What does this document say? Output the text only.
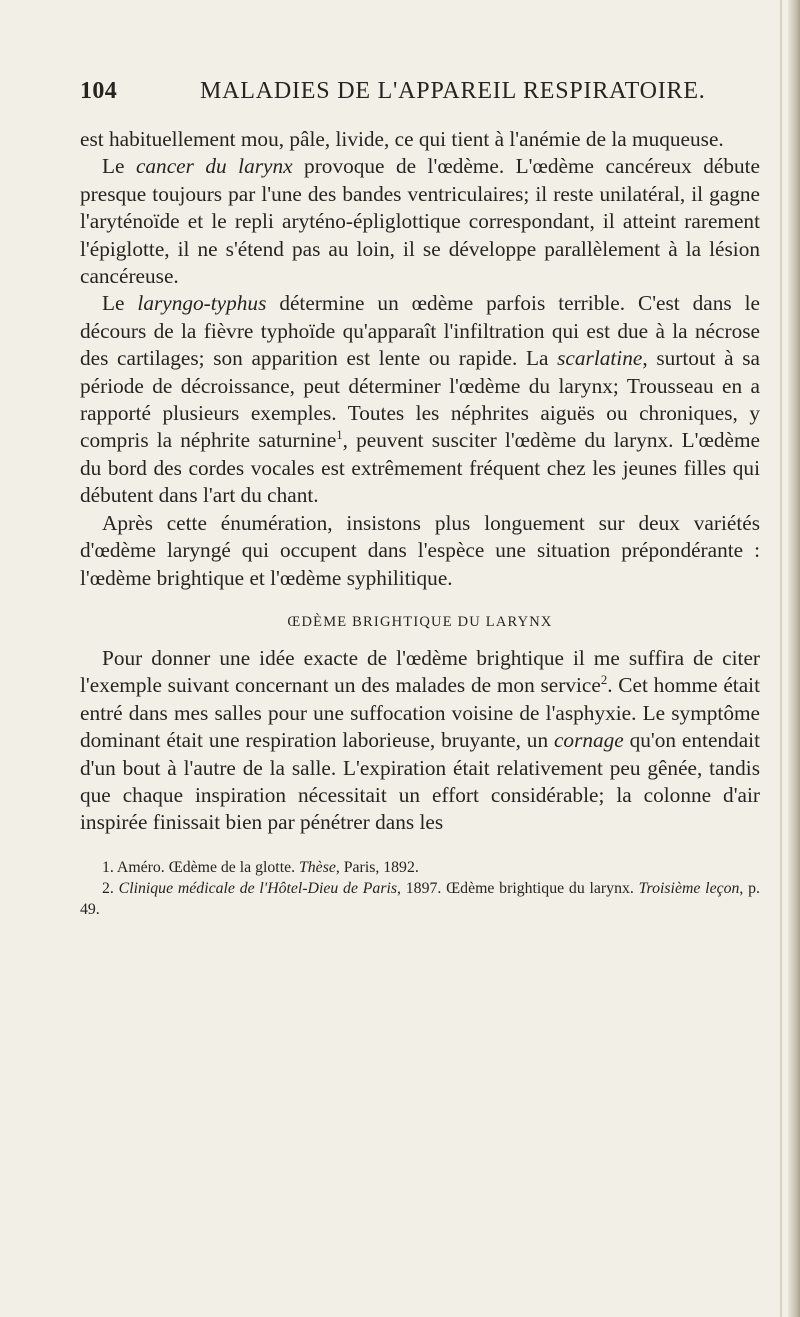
104	MALADIES DE L'APPAREIL RESPIRATOIRE.

est habituellement mou, pâle, livide, ce qui tient à l'anémie de la muqueuse.

Le cancer du larynx provoque de l'œdème. L'œdème cancéreux débute presque toujours par l'une des bandes ventriculaires; il reste unilatéral, il gagne l'aryténoïde et le repli aryténo-épliglottique correspondant, il atteint rarement l'épiglotte, il ne s'étend pas au loin, il se développe parallèlement à la lésion cancéreuse.

Le laryngo-typhus détermine un œdème parfois terrible. C'est dans le décours de la fièvre typhoïde qu'apparaît l'infiltration qui est due à la nécrose des cartilages; son apparition est lente ou rapide. La scarlatine, surtout à sa période de décroissance, peut déterminer l'œdème du larynx; Trousseau en a rapporté plusieurs exemples. Toutes les néphrites aiguës ou chroniques, y compris la néphrite saturnine$^1$, peuvent susciter l'œdème du larynx. L'œdème du bord des cordes vocales est extrêmement fréquent chez les jeunes filles qui débutent dans l'art du chant.

Après cette énumération, insistons plus longuement sur deux variétés d'œdème laryngé qui occupent dans l'espèce une situation prépondérante : l'œdème brightique et l'œdème syphilitique.

ŒDÈME BRIGHTIQUE DU LARYNX

Pour donner une idée exacte de l'œdème brightique il me suffira de citer l'exemple suivant concernant un des malades de mon service$^2$. Cet homme était entré dans mes salles pour une suffocation voisine de l'asphyxie. Le symptôme dominant était une respiration laborieuse, bruyante, un cornage qu'on entendait d'un bout à l'autre de la salle. L'expiration était relativement peu gênée, tandis que chaque inspiration nécessitait un effort considérable; la colonne d'air inspirée finissait bien par pénétrer dans les

1. Améro. Œdème de la glotte. Thèse, Paris, 1892.
2. Clinique médicale de l'Hôtel-Dieu de Paris, 1897. Œdème brightique du larynx. Troisième leçon, p. 49.
